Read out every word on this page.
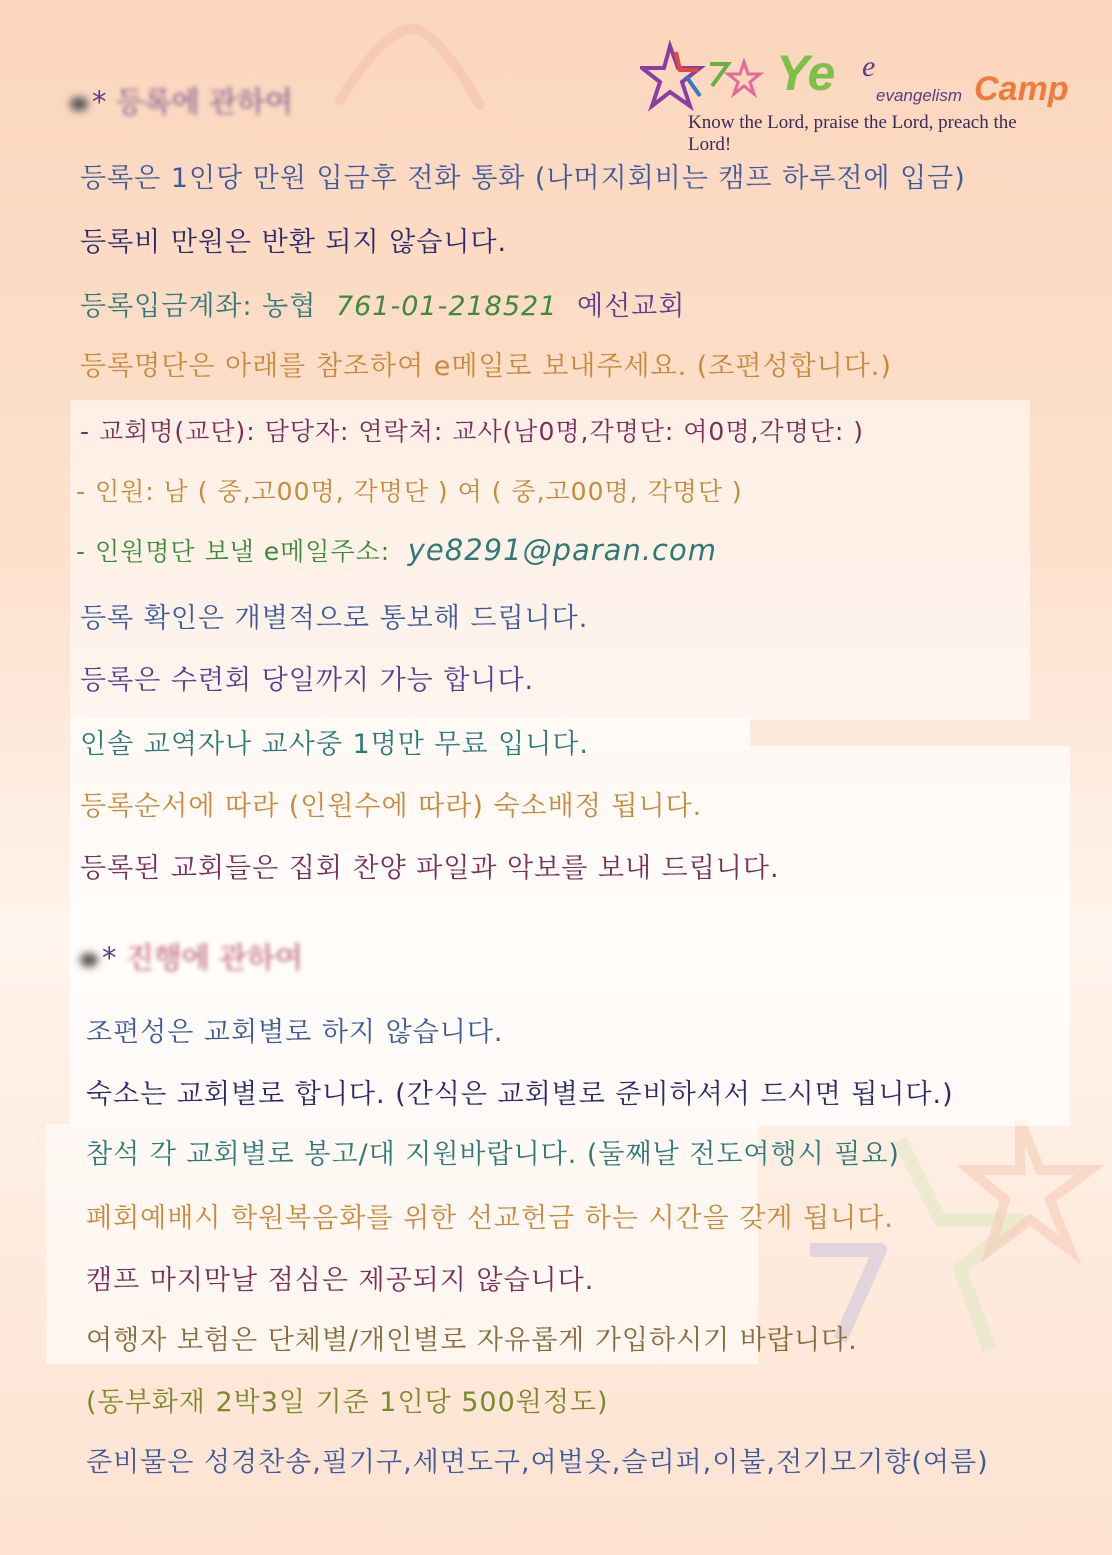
Ye e
evangelism Camp
Know the Lord, praise the Lord, preach the Lord!
* 등록에 관하여
등록은 1인당 만원 입금후 전화 통화 (나머지회비는 캠프 하루전에 입금)
등록비 만원은 반환 되지 않습니다.
등록입금계좌: 농협 761-01-218521 예선교회
등록명단은 아래를 참조하여 e메일로 보내주세요. (조편성합니다.)
- 교회명(교단): 담당자: 연락처: 교사(남0명,각명단: 여0명,각명단: )
- 인원: 남 ( 중,고00명, 각명단 ) 여 ( 중,고00명, 각명단 )
- 인원명단 보낼 e메일주소: ye8291@paran.com
등록 확인은 개별적으로 통보해 드립니다.
등록은 수련회 당일까지 가능 합니다.
인솔 교역자나 교사중 1명만 무료 입니다.
등록순서에 따라 (인원수에 따라) 숙소배정 됩니다.
등록된 교회들은 집회 찬양 파일과 악보를 보내 드립니다.
* 진행에 관하여
조편성은 교회별로 하지 않습니다.
숙소는 교회별로 합니다. (간식은 교회별로 준비하셔서 드시면 됩니다.)
참석 각 교회별로 봉고/대 지원바랍니다. (둘째날 전도여행시 필요)
폐회예배시 학원복음화를 위한 선교헌금 하는 시간을 갖게 됩니다.
캠프 마지막날 점심은 제공되지 않습니다.
여행자 보험은 단체별/개인별로 자유롭게 가입하시기 바랍니다.
(동부화재 2박3일 기준 1인당 500원정도)
준비물은 성경찬송,필기구,세면도구,여벌옷,슬리퍼,이불,전기모기향(여름)
